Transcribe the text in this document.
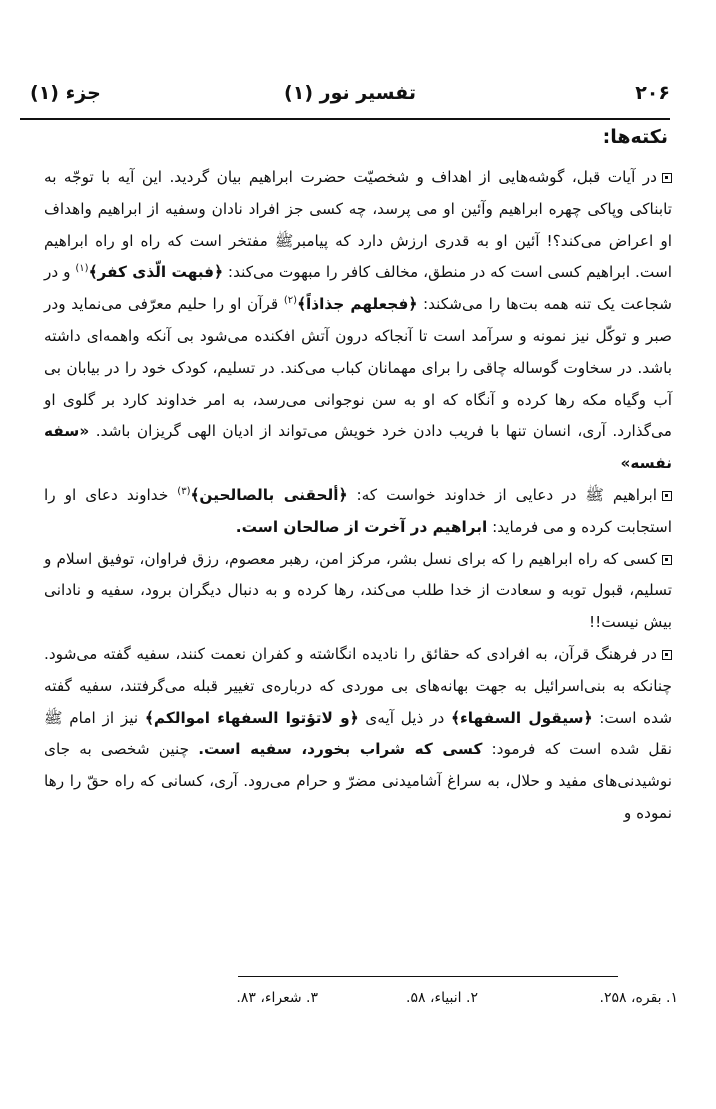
۲۰۶
تفسیر نور (۱)
جزء (۱)
نکته‌ها:

در آیات قبل، گوشه‌هایی از اهداف و شخصیّت حضرت ابراهیم بیان گردید. این آیه با توجّه به تابناکی وپاکی چهره ابراهیم وآئین او می پرسد، چه کسی جز افراد نادان وسفیه از ابراهیم واهداف او اعراض می‌کند؟! آئین او به قدری ارزش دارد که پیامبرﷺ مفتخر است که راه او راه ابراهیم است. ابراهیم کسی است که در منطق، مخالف کافر را مبهوت می‌کند: ﴿فبهت الّذی کفر﴾$^{(۱)}$ و در شجاعت یک تنه همه بت‌ها را می‌شکند: ﴿فجعلهم جذاذاً﴾$^{(۲)}$ قرآن او را حلیم معرّفی می‌نماید ودر صبر و توکّل نیز نمونه و سرآمد است تا آنجاکه درون آتش افکنده می‌شود بی آنکه واهمه‌ای داشته باشد. در سخاوت گوساله چاقی را برای مهمانان کباب می‌کند. در تسلیم، کودک خود را در بیابان بی آب وگیاه مکه رها کرده و آنگاه که او به سن نوجوانی می‌رسد، به امر خداوند کارد بر گلوی او می‌گذارد. آری، انسان تنها با فریب دادن خرد خویش می‌تواند از ادیان الهی گریزان باشد. «سفه نفسه»

ابراهیم ﷺ در دعایی از خداوند خواست که: ﴿ألحقنی بالصالحین﴾$^{(۳)}$ خداوند دعای او را استجابت کرده و می فرماید: ابراهیم در آخرت از صالحان است.

کسی که راه ابراهیم را که برای نسل بشر، مرکز امن، رهبر معصوم، رزق فراوان، توفیق اسلام و تسلیم، قبول توبه و سعادت از خدا طلب می‌کند، رها کرده و به دنبال دیگران برود، سفیه و نادانی بیش نیست!!

در فرهنگ قرآن، به افرادی که حقائق را نادیده انگاشته و کفران نعمت کنند، سفیه گفته می‌شود. چنانکه به بنی‌اسرائیل به جهت بهانه‌های بی موردی که درباره‌ی تغییر قبله می‌گرفتند، سفیه گفته شده است: ﴿سیقول السفهاء﴾ در ذیل آیه‌ی ﴿و لاتؤتوا السفهاء اموالکم﴾ نیز از امام ﷺ نقل شده است که فرمود: کسی که شراب بخورد، سفیه است. چنین شخصی به جای نوشیدنی‌های مفید و حلال، به سراغ آشامیدنی مضرّ و حرام می‌رود. آری، کسانی که راه حقّ را رها نموده و

۱. بقره، ۲۵۸.
۲. انبیاء، ۵۸.
۳. شعراء، ۸۳.
